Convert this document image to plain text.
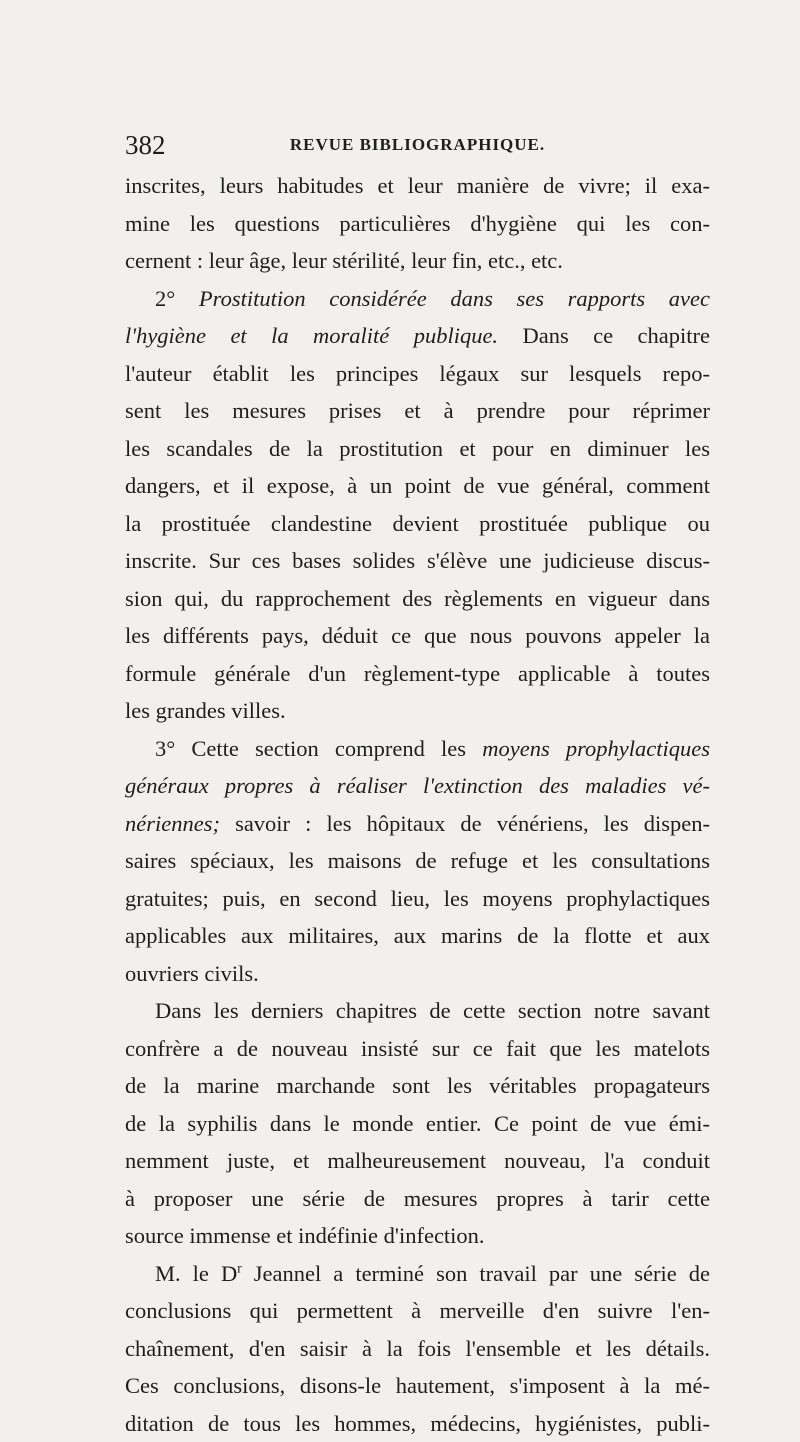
382	REVUE BIBLIOGRAPHIQUE.
inscrites, leurs habitudes et leur manière de vivre; il exa-
mine les questions particulières d'hygiène qui les con-
cernent : leur âge, leur stérilité, leur fin, etc., etc.
2° Prostitution considérée dans ses rapports avec
l'hygiène et la moralité publique. Dans ce chapitre
l'auteur établit les principes légaux sur lesquels repo-
sent les mesures prises et à prendre pour réprimer
les scandales de la prostitution et pour en diminuer les
dangers, et il expose, à un point de vue général, comment
la prostituée clandestine devient prostituée publique ou
inscrite. Sur ces bases solides s'élève une judicieuse discus-
sion qui, du rapprochement des règlements en vigueur dans
les différents pays, déduit ce que nous pouvons appeler la
formule générale d'un règlement-type applicable à toutes
les grandes villes.
3° Cette section comprend les moyens prophylactiques
généraux propres à réaliser l'extinction des maladies vé-
nériennes; savoir : les hôpitaux de vénériens, les dispen-
saires spéciaux, les maisons de refuge et les consultations
gratuites; puis, en second lieu, les moyens prophylactiques
applicables aux militaires, aux marins de la flotte et aux
ouvriers civils.
Dans les derniers chapitres de cette section notre savant
confrère a de nouveau insisté sur ce fait que les matelots
de la marine marchande sont les véritables propagateurs
de la syphilis dans le monde entier. Ce point de vue émi-
nemment juste, et malheureusement nouveau, l'a conduit
à proposer une série de mesures propres à tarir cette
source immense et indéfinie d'infection.
M. le $D^r$ Jeannel a terminé son travail par une série de
conclusions qui permettent à merveille d'en suivre l'en-
chaînement, d'en saisir à la fois l'ensemble et les détails.
Ces conclusions, disons-le hautement, s'imposent à la mé-
ditation de tous les hommes, médecins, hygiénistes, publi-
